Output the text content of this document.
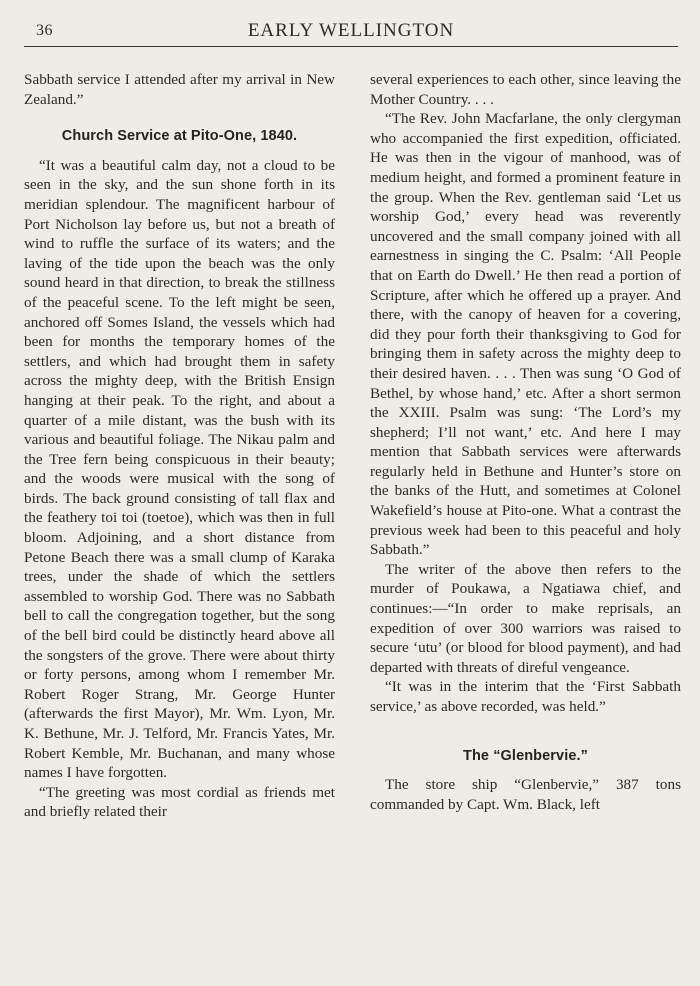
36	EARLY WELLINGTON

Sabbath service I attended after my arrival in New Zealand.”

Church Service at Pito-One, 1840.

“It was a beautiful calm day, not a cloud to be seen in the sky, and the sun shone forth in its meridian splendour. The magnificent harbour of Port Nicholson lay before us, but not a breath of wind to ruffle the surface of its waters; and the laving of the tide upon the beach was the only sound heard in that direction, to break the stillness of the peaceful scene. To the left might be seen, anchored off Somes Island, the vessels which had been for months the temporary homes of the settlers, and which had brought them in safety across the mighty deep, with the British Ensign hanging at their peak. To the right, and about a quarter of a mile distant, was the bush with its various and beautiful foliage. The Nikau palm and the Tree fern being conspicuous in their beauty; and the woods were musical with the song of birds. The back ground consisting of tall flax and the feathery toi toi (toetoe), which was then in full bloom. Adjoining, and a short distance from Petone Beach there was a small clump of Karaka trees, under the shade of which the settlers assembled to worship God. There was no Sabbath bell to call the congregation together, but the song of the bell bird could be distinctly heard above all the songsters of the grove. There were about thirty or forty persons, among whom I remember Mr. Robert Roger Strang, Mr. George Hunter (afterwards the first Mayor), Mr. Wm. Lyon, Mr. K. Bethune, Mr. J. Telford, Mr. Francis Yates, Mr. Robert Kemble, Mr. Buchanan, and many whose names I have forgotten.

“The greeting was most cordial as friends met and briefly related their

several experiences to each other, since leaving the Mother Country. . . .

“The Rev. John Macfarlane, the only clergyman who accompanied the first expedition, officiated. He was then in the vigour of manhood, was of medium height, and formed a prominent feature in the group. When the Rev. gentleman said ‘Let us worship God,’ every head was reverently uncovered and the small company joined with all earnestness in singing the C. Psalm: ‘All People that on Earth do Dwell.’ He then read a portion of Scripture, after which he offered up a prayer. And there, with the canopy of heaven for a covering, did they pour forth their thanksgiving to God for bringing them in safety across the mighty deep to their desired haven. . . . Then was sung ‘O God of Bethel, by whose hand,’ etc. After a short sermon the XXIII. Psalm was sung: ‘The Lord’s my shepherd; I’ll not want,’ etc. And here I may mention that Sabbath services were afterwards regularly held in Bethune and Hunter’s store on the banks of the Hutt, and sometimes at Colonel Wakefield’s house at Pito-one. What a contrast the previous week had been to this peaceful and holy Sabbath.”

The writer of the above then refers to the murder of Poukawa, a Ngatiawa chief, and continues:—“In order to make reprisals, an expedition of over 300 warriors was raised to secure ‘utu’ (or blood for blood payment), and had departed with threats of direful vengeance.

“It was in the interim that the ‘First Sabbath service,’ as above recorded, was held.”

The “Glenbervie.”

The store ship “Glenbervie,” 387 tons commanded by Capt. Wm. Black, left
